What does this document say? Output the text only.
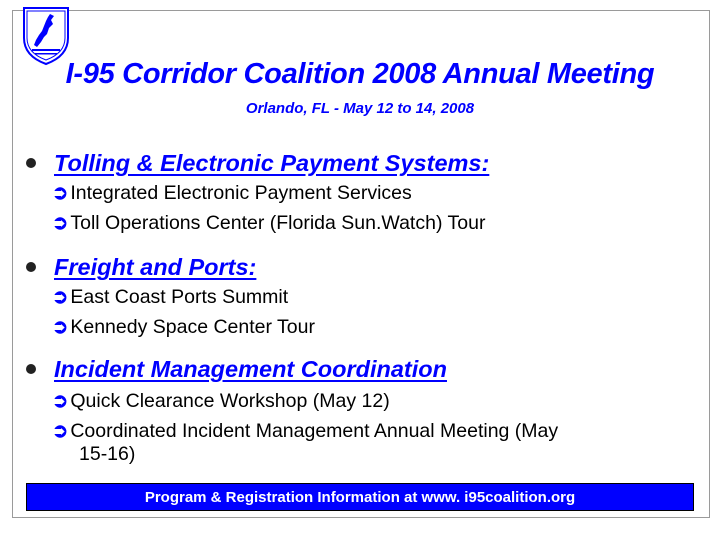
I-95 Corridor Coalition 2008 Annual Meeting
Orlando, FL - May 12 to 14, 2008
Tolling & Electronic Payment Systems:
➲ Integrated Electronic Payment Services
➲ Toll Operations Center (Florida Sun.Watch) Tour
Freight and Ports:
➲ East Coast Ports Summit
➲ Kennedy Space Center Tour
Incident Management Coordination
➲ Quick Clearance Workshop (May 12)
➲ Coordinated Incident Management Annual Meeting (May
15-16)
Program & Registration Information at www. i95coalition.org
